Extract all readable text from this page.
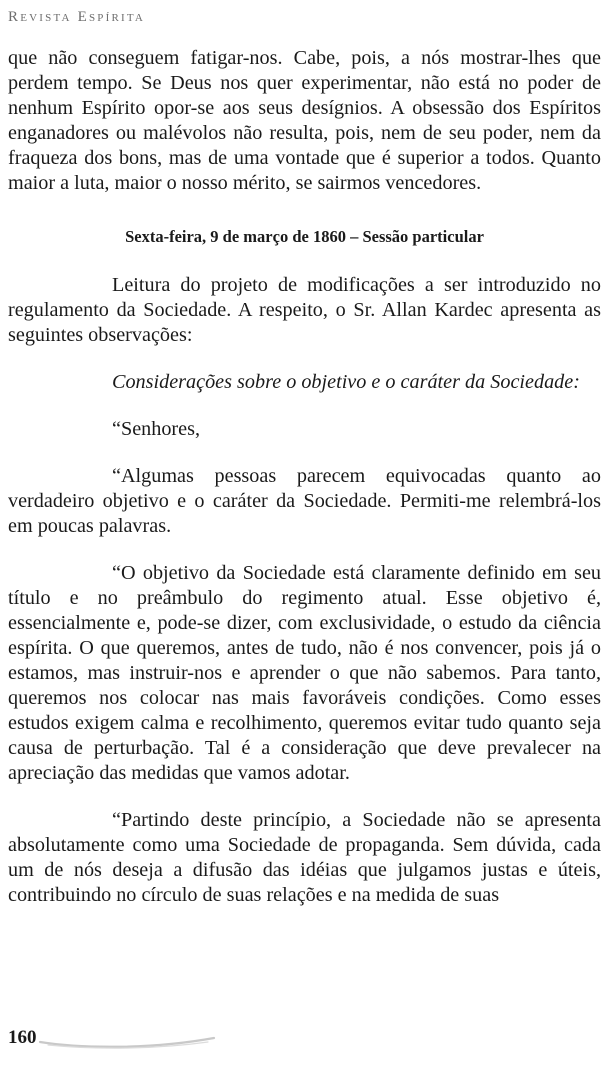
Revista Espírita

que não conseguem fatigar-nos. Cabe, pois, a nós mostrar-lhes que perdem tempo. Se Deus nos quer experimentar, não está no poder de nenhum Espírito opor-se aos seus desígnios. A obsessão dos Espíritos enganadores ou malévolos não resulta, pois, nem de seu poder, nem da fraqueza dos bons, mas de uma vontade que é superior a todos. Quanto maior a luta, maior o nosso mérito, se sairmos vencedores.

Sexta-feira, 9 de março de 1860 – Sessão particular

Leitura do projeto de modificações a ser introduzido no regulamento da Sociedade. A respeito, o Sr. Allan Kardec apresenta as seguintes observações:

Considerações sobre o objetivo e o caráter da Sociedade:

“Senhores,

“Algumas pessoas parecem equivocadas quanto ao verdadeiro objetivo e o caráter da Sociedade. Permiti-me relembrá-los em poucas palavras.

“O objetivo da Sociedade está claramente definido em seu título e no preâmbulo do regimento atual. Esse objetivo é, essencialmente e, pode-se dizer, com exclusividade, o estudo da ciência espírita. O que queremos, antes de tudo, não é nos convencer, pois já o estamos, mas instruir-nos e aprender o que não sabemos. Para tanto, queremos nos colocar nas mais favoráveis condições. Como esses estudos exigem calma e recolhimento, queremos evitar tudo quanto seja causa de perturbação. Tal é a consideração que deve prevalecer na apreciação das medidas que vamos adotar.

“Partindo deste princípio, a Sociedade não se apresenta absolutamente como uma Sociedade de propaganda. Sem dúvida, cada um de nós deseja a difusão das idéias que julgamos justas e úteis, contribuindo no círculo de suas relações e na medida de suas

160
